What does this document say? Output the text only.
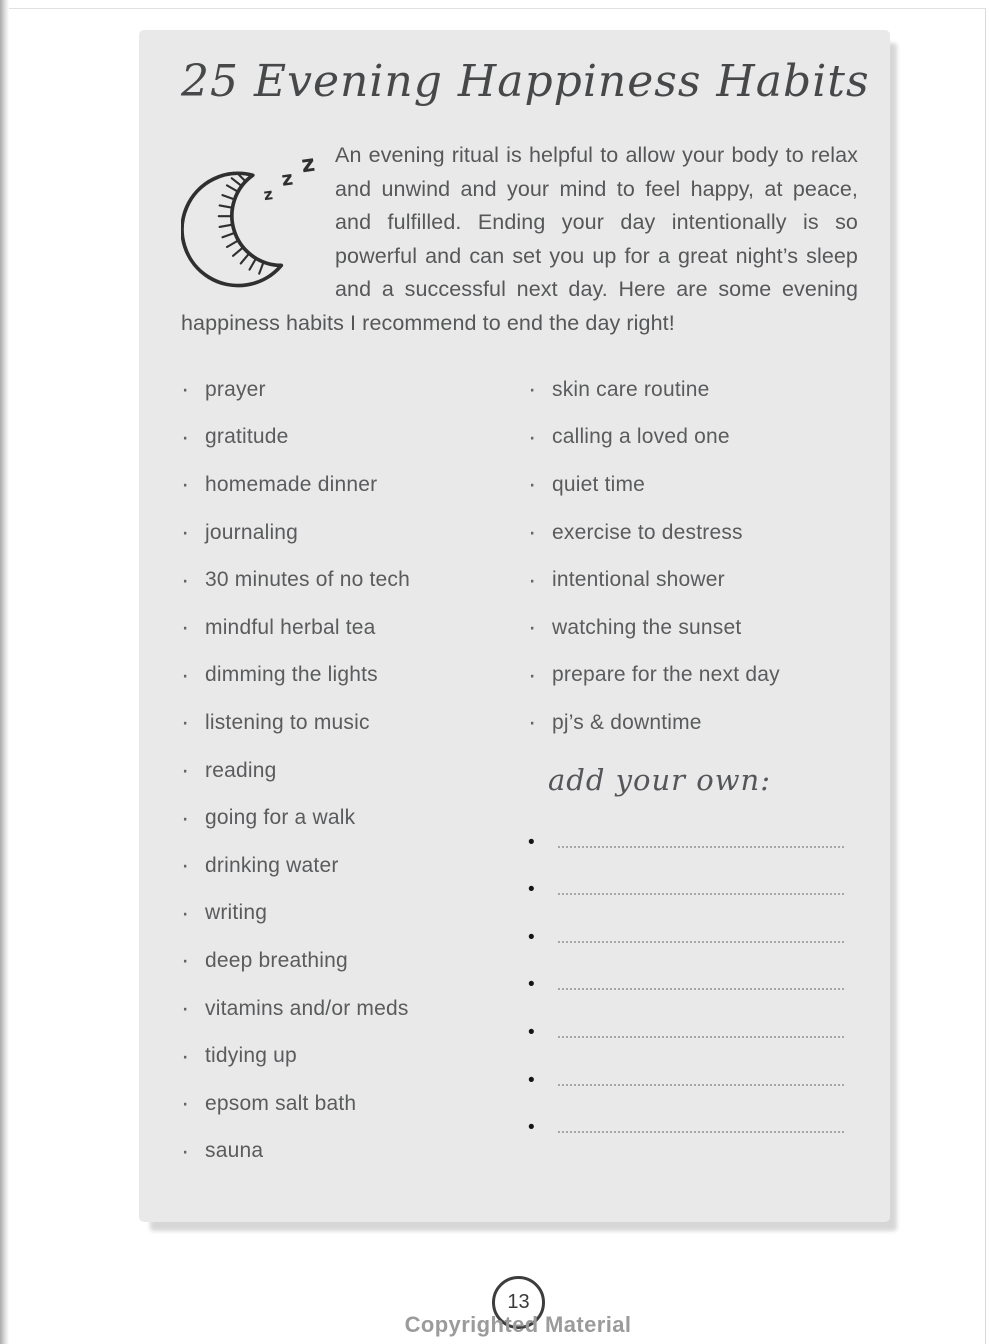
25 Evening Happiness Habits
z
z
z An evening ritual is helpful to allow your body to relax and unwind and your mind to feel happy, at peace, and fulfilled. Ending your day intentionally is so powerful and can set you up for a great night’s sleep and a successful next day. Here are some evening happiness habits I recommend to end the day right!

· prayer
· gratitude
· homemade dinner
· journaling
· 30 minutes of no tech
· mindful herbal tea
· dimming the lights
· listening to music
· reading
· going for a walk
· drinking water
· writing
· deep breathing
· vitamins and/or meds
· tidying up
· epsom salt bath
· sauna
· skin care routine
· calling a loved one
· quiet time
· exercise to destress
· intentional shower
· watching the sunset
· prepare for the next day
· pj’s & downtime
add your own:
•
•
•
•
•
•
•
13
Copyrighted Material
